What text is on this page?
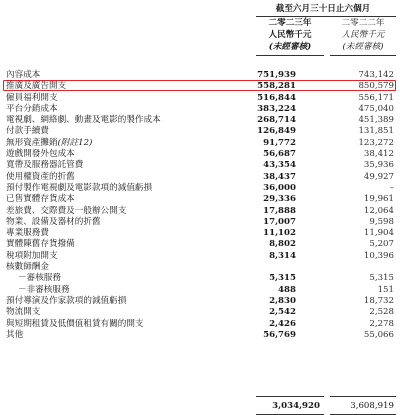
截至六月三十日止六個月
二零二三年	二零二二年
人民幣千元	人民幣千元
(未經審核)	(未經審核)
內容成本	751,939	743,142
推廣及廣告開支	558,281	850,579
僱員福利開支	516,844	556,171
平台分銷成本	383,224	475,040
電視劇、網絡劇、動畫及電影的製作成本	268,714	451,389
付款手續費	126,849	131,851
無形資產攤銷(附註12)	91,772	123,272
遊戲開發外包成本	56,687	38,412
寬帶及服務器託管費	43,354	35,936
使用權資產的折舊	38,437	49,927
預付製作電視劇及電影款項的減值虧損	36,000	–
已售實體存貨成本	29,336	19,961
差旅費、交際費及一般辦公開支	17,888	12,064
物業、設備及器材的折舊	17,007	9,598
專業服務費	11,102	11,904
實體陳舊存貨撥備	8,802	5,207
稅項附加開支	8,314	10,396
核數師酬金
－審核服務	5,315	5,315
－非審核服務	488	151
預付導演及作家款項的減值虧損	2,830	18,732
物流開支	2,542	2,528
與短期租賃及低價值租賃有關的開支	2,426	2,278
其他	56,769	55,066
3,034,920	3,608,919
